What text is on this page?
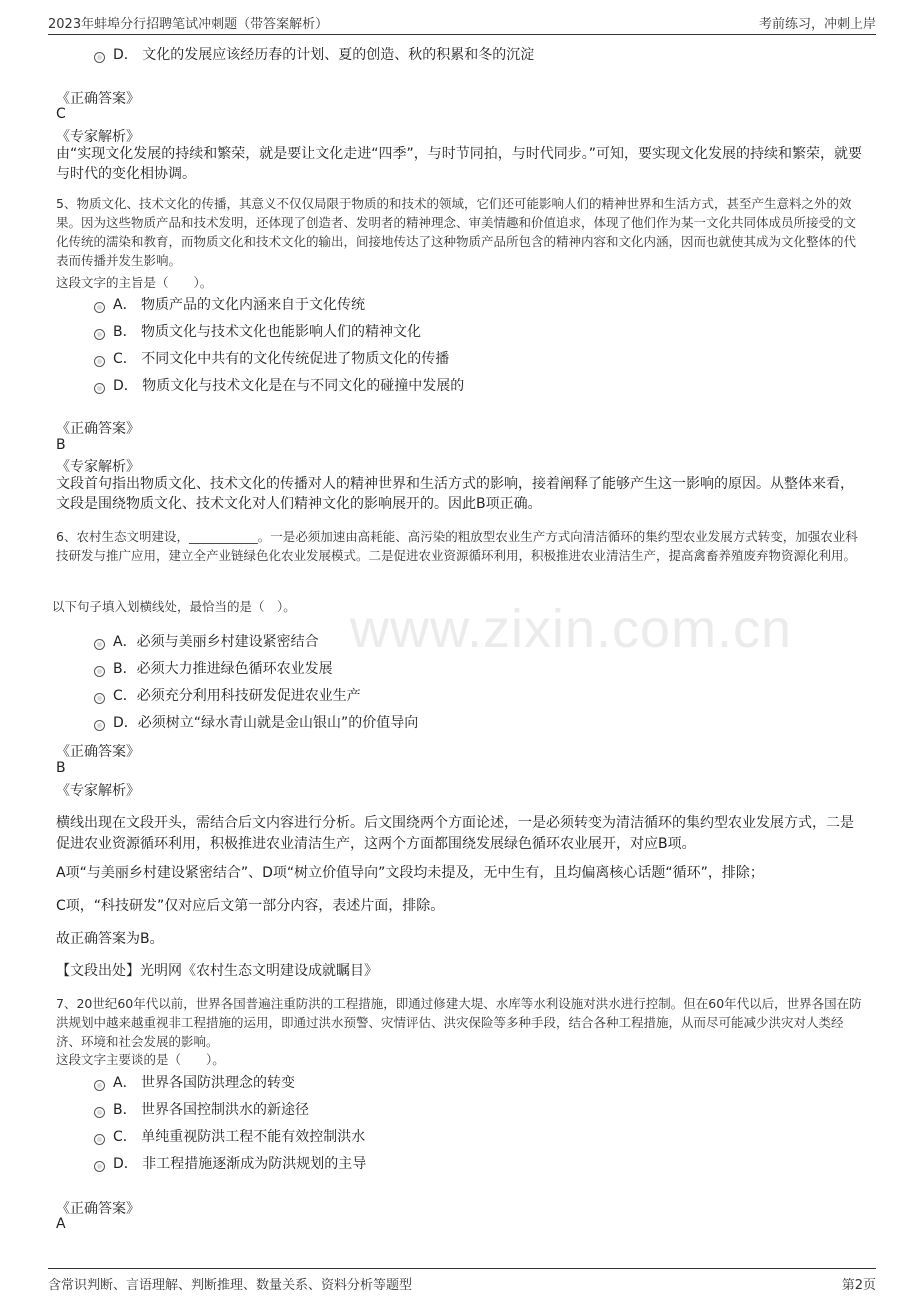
2023年蚌埠分行招聘笔试冲刺题（带答案解析）	考前练习，冲刺上岸
www.zixin.com.cn
D． 文化的发展应该经历春的计划、夏的创造、秋的积累和冬的沉淀
《正确答案》
C
《专家解析》
由“实现文化发展的持续和繁荣，就是要让文化走进“四季”，与时节同拍，与时代同步。”可知，要实现文化发展的持续和繁荣，就要与时代的变化相协调。
5、物质文化、技术文化的传播，其意义不仅仅局限于物质的和技术的领域，它们还可能影响人们的精神世界和生活方式，甚至产生意料之外的效果。因为这些物质产品和技术发明，还体现了创造者、发明者的精神理念、审美情趣和价值追求，体现了他们作为某一文化共同体成员所接受的文化传统的濡染和教育，而物质文化和技术文化的输出，间接地传达了这种物质产品所包含的精神内容和文化内涵，因而也就使其成为文化整体的代表而传播并发生影响。
这段文字的主旨是（　　）。
A． 物质产品的文化内涵来自于文化传统
B． 物质文化与技术文化也能影响人们的精神文化
C． 不同文化中共有的文化传统促进了物质文化的传播
D． 物质文化与技术文化是在与不同文化的碰撞中发展的
《正确答案》
B
《专家解析》
文段首句指出物质文化、技术文化的传播对人的精神世界和生活方式的影响，接着阐释了能够产生这一影响的原因。从整体来看，文段是围绕物质文化、技术文化对人们精神文化的影响展开的。因此B项正确。
6、农村生态文明建设，___________。一是必须加速由高耗能、高污染的粗放型农业生产方式向清洁循环的集约型农业发展方式转变，加强农业科技研发与推广应用，建立全产业链绿色化农业发展模式。二是促进农业资源循环利用，积极推进农业清洁生产，提高禽畜养殖废弃物资源化利用。
以下句子填入划横线处，最恰当的是（　）。
A．必须与美丽乡村建设紧密结合
B．必须大力推进绿色循环农业发展
C．必须充分利用科技研发促进农业生产
D．必须树立“绿水青山就是金山银山”的价值导向
《正确答案》
B
《专家解析》
横线出现在文段开头，需结合后文内容进行分析。后文围绕两个方面论述，一是必须转变为清洁循环的集约型农业发展方式，二是促进农业资源循环利用，积极推进农业清洁生产，这两个方面都围绕发展绿色循环农业展开，对应B项。
A项“与美丽乡村建设紧密结合”、D项“树立价值导向”文段均未提及，无中生有，且均偏离核心话题“循环”，排除；
C项，“科技研发”仅对应后文第一部分内容，表述片面，排除。
故正确答案为B。
【文段出处】光明网《农村生态文明建设成就瞩目》
7、20世纪60年代以前，世界各国普遍注重防洪的工程措施，即通过修建大堤、水库等水利设施对洪水进行控制。但在60年代以后，世界各国在防洪规划中越来越重视非工程措施的运用，即通过洪水预警、灾情评估、洪灾保险等多种手段，结合各种工程措施，从而尽可能减少洪灾对人类经济、环境和社会发展的影响。
这段文字主要谈的是（　　）。
A． 世界各国防洪理念的转变
B． 世界各国控制洪水的新途径
C． 单纯重视防洪工程不能有效控制洪水
D． 非工程措施逐渐成为防洪规划的主导
《正确答案》
A
含常识判断、言语理解、判断推理、数量关系、资料分析等题型	第2页
